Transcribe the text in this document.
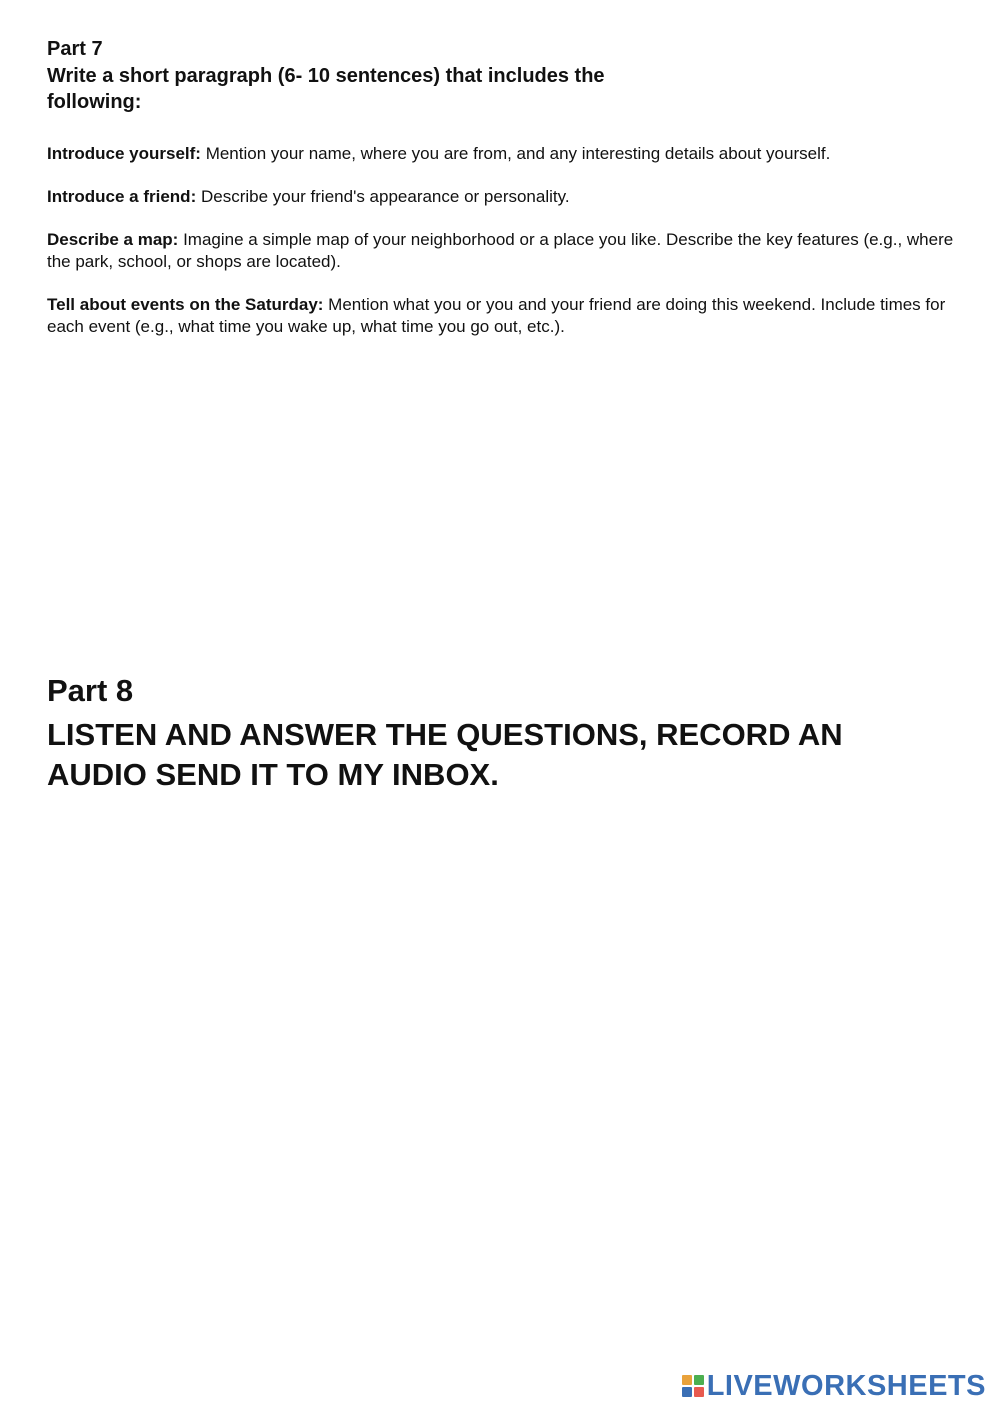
Part 7

Write a short paragraph (6- 10 sentences) that includes the following:

Introduce yourself: Mention your name, where you are from, and any interesting details about yourself.

Introduce a friend: Describe your friend's appearance or personality.

Describe a map: Imagine a simple map of your neighborhood or a place you like. Describe the key features (e.g., where the park, school, or shops are located).

Tell about events on the Saturday: Mention what you or you and your friend are doing this weekend. Include times for each event (e.g., what time you wake up, what time you go out, etc.).

Part 8

LISTEN AND ANSWER THE QUESTIONS, RECORD AN AUDIO SEND IT TO MY INBOX.

LIVEWORKSHEETS
